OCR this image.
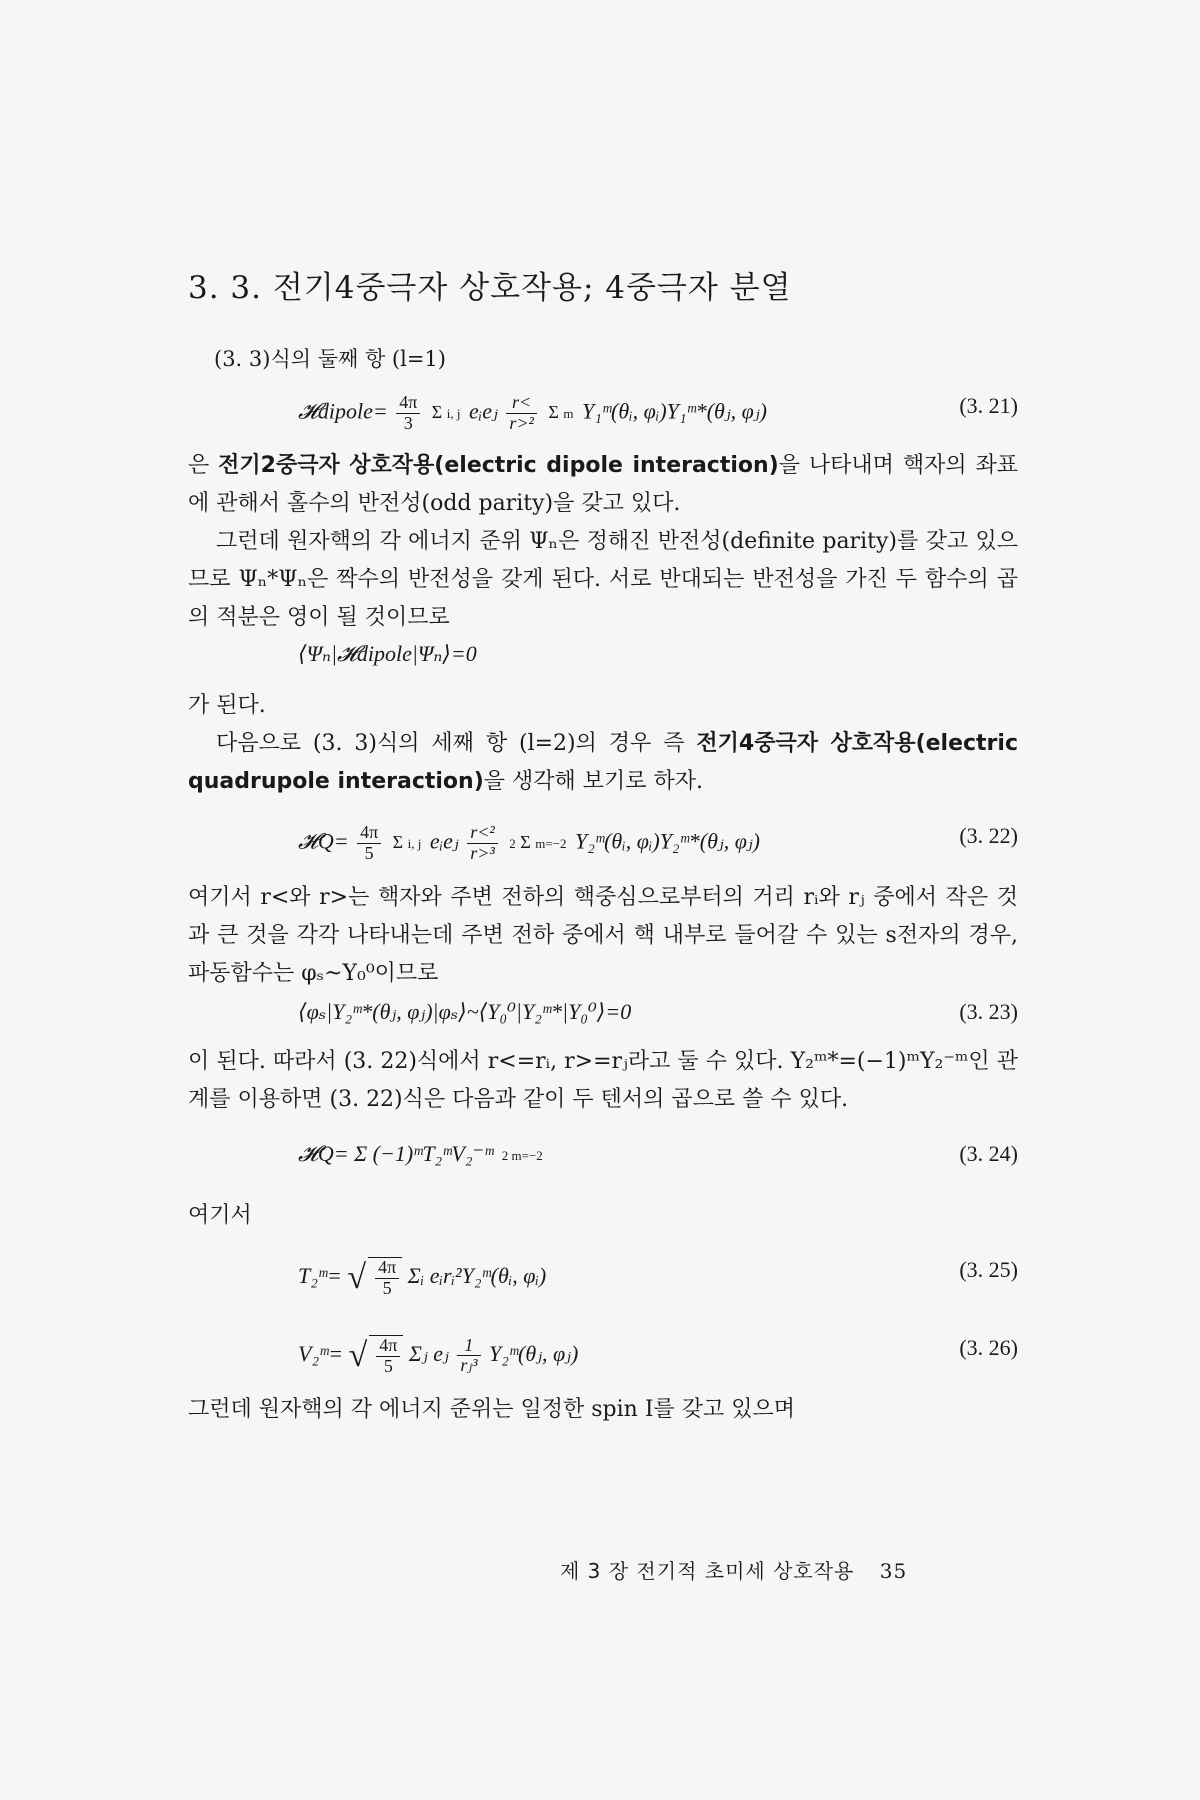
3. 3. 전기4중극자 상호작용; 4중극자 분열
(3. 3)식의 둘째 항 (l=1)
𝓗dipole= $\frac{4\pi}{3}$ Σ i, j eᵢeⱼ $\frac{r<}{\text{r>²}}$ Σ m Y₁ᵐ(θᵢ, φᵢ)Y₁ᵐ*(θⱼ, φⱼ)	(3. 21)

은 전기2중극자 상호작용(electric dipole interaction)을 나타내며 핵자의 좌표에 관해서 홀수의 반전성(odd parity)을 갖고 있다.

그런데 원자핵의 각 에너지 준위 Ψₙ은 정해진 반전성(definite parity)를 갖고 있으므로 Ψₙ*Ψₙ은 짝수의 반전성을 갖게 된다. 서로 반대되는 반전성을 가진 두 함수의 곱의 적분은 영이 될 것이므로

⟨Ψₙ|𝓗dipole|Ψₙ⟩=0

가 된다.

다음으로 (3. 3)식의 세째 항 (l=2)의 경우 즉 전기4중극자 상호작용(electric quadrupole interaction)을 생각해 보기로 하자.

𝓗Q= $\frac{4\pi}{5}$ Σ i, j eᵢeⱼ $\frac{\text{r<²}}{\text{r>³}} 2$ Σ m=−2 Y₂ᵐ(θᵢ, φᵢ)Y₂ᵐ*(θⱼ, φⱼ)	(3. 22)

여기서 r<와 r>는 핵자와 주변 전하의 핵중심으로부터의 거리 rᵢ와 rⱼ 중에서 작은 것과 큰 것을 각각 나타내는데 주변 전하 중에서 핵 내부로 들어갈 수 있는 s전자의 경우, 파동함수는 φₛ~Y₀⁰이므로

⟨φₛ|Y₂ᵐ*(θⱼ, φⱼ)|φₛ⟩~⟨Y₀⁰|Y₂ᵐ*|Y₀⁰⟩=0	(3. 23)

이 된다. 따라서 (3. 22)식에서 r<=rᵢ, r>=rⱼ라고 둘 수 있다. Y₂ᵐ*=(−1)ᵐY₂⁻ᵐ인 관계를 이용하면 (3. 22)식은 다음과 같이 두 텐서의 곱으로 쓸 수 있다.

𝓗Q= Σ (−1)ᵐT₂ᵐV₂⁻ᵐ 2 m=−2	(3. 24)

여기서

T₂ᵐ= √ $\frac{4\pi}{5}$ Σᵢ eᵢrᵢ²Y₂ᵐ(θᵢ, φᵢ)	(3. 25)
V₂ᵐ= √ $\frac{4\pi}{5}$ Σⱼ eⱼ $\frac{1}{\text{rⱼ³}}$ Y₂ᵐ(θⱼ, φⱼ)	(3. 26)

그런데 원자핵의 각 에너지 준위는 일정한 spin I를 갖고 있으며

제 3 장 전기적 초미세 상호작용 35
